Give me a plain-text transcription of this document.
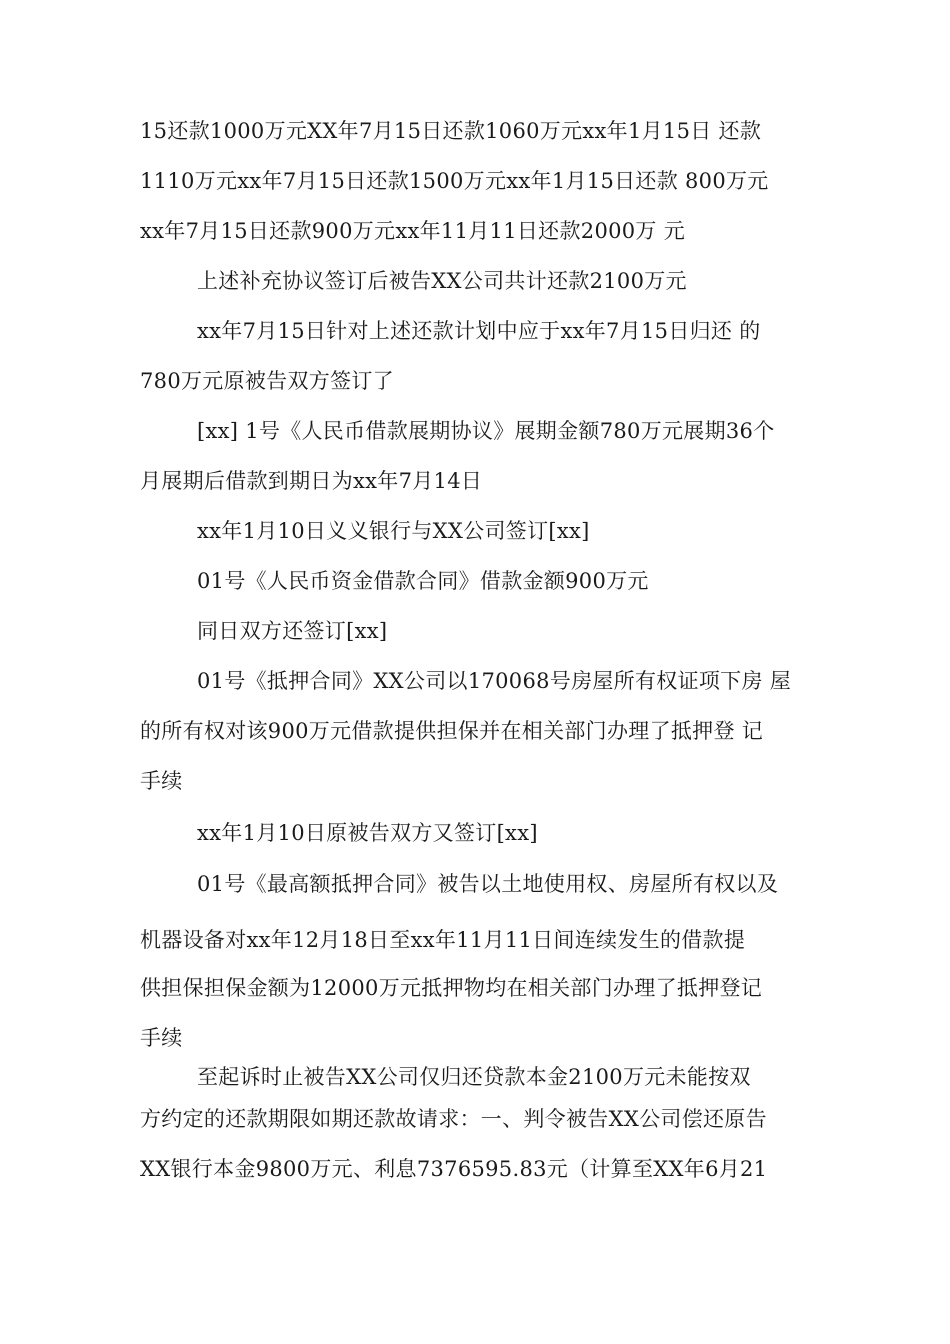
15还款1000万元XX年7月15日还款1060万元xx年1月15日 还款
1110万元xx年7月15日还款1500万元xx年1月15日还款 800万元
xx年7月15日还款900万元xx年11月11日还款2000万 元
上述补充协议签订后被告XX公司共计还款2100万元
xx年7月15日针对上述还款计划中应于xx年7月15日归还 的
780万元原被告双方签订了
[xx] 1号《人民币借款展期协议》展期金额780万元展期36个
月展期后借款到期日为xx年7月14日
xx年1月10日义义银行与XX公司签订[xx]
01号《人民币资金借款合同》借款金额900万元
同日双方还签订[xx]
01号《抵押合同》XX公司以170068号房屋所有权证项下房 屋
的所有权对该900万元借款提供担保并在相关部门办理了抵押登 记
手续
xx年1月10日原被告双方又签订[xx]
01号《最高额抵押合同》被告以土地使用权、房屋所有权以及
机器设备对xx年12月18日至xx年11月11日间连续发生的借款提
供担保担保金额为12000万元抵押物均在相关部门办理了抵押登记
手续
至起诉时止被告XX公司仅归还贷款本金2100万元未能按双
方约定的还款期限如期还款故请求：一、判令被告XX公司偿还原告
XX银行本金9800万元、利息7376595.83元（计算至XX年6月21
